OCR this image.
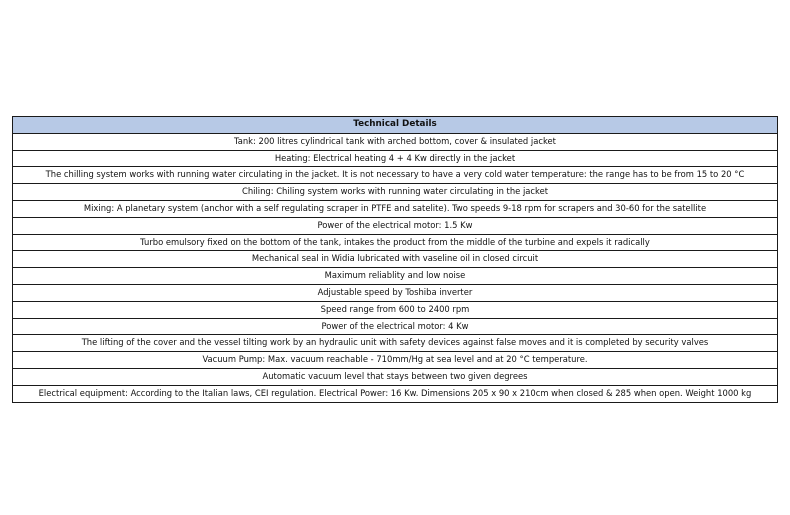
Technical Details
Tank: 200 litres cylindrical tank with arched bottom, cover & insulated jacket
Heating: Electrical heating 4 + 4 Kw directly in the jacket
The chilling system works with running water circulating in the jacket. It is not necessary to have a very cold water temperature: the range has to be from 15 to 20 °C
Chiling: Chiling system works with running water circulating in the jacket
Mixing: A planetary system (anchor with a self regulating scraper in PTFE and satelite). Two speeds 9-18 rpm for scrapers and 30-60 for the satellite
Power of the electrical motor: 1.5 Kw
Turbo emulsory fixed on the bottom of the tank, intakes the product from the middle of the turbine and expels it radically
Mechanical seal in Widia lubricated with vaseline oil in closed circuit
Maximum reliablity and low noise
Adjustable speed by Toshiba inverter
Speed range from 600 to 2400 rpm
Power of the electrical motor: 4 Kw
The lifting of the cover and the vessel tilting work by an hydraulic unit with safety devices against false moves and it is completed by security valves
Vacuum Pump: Max. vacuum reachable - 710mm/Hg at sea level and at 20 °C temperature.
Automatic vacuum level that stays between two given degrees
Electrical equipment: According to the Italian laws, CEI regulation. Electrical Power: 16 Kw. Dimensions 205 x 90 x 210cm when closed & 285 when open. Weight 1000 kg
